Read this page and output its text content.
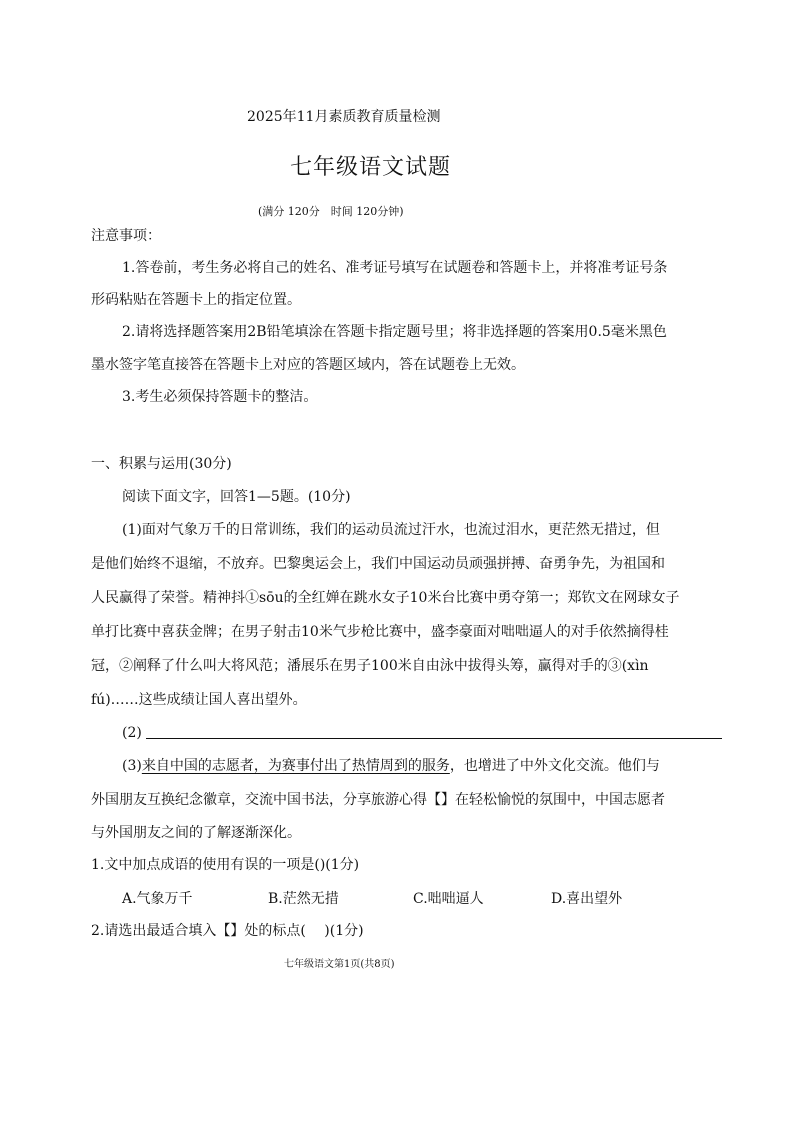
2025年11月素质教育质量检测
七年级语文试题
(满分 120分　时间 120分钟)
注意事项：
1.答卷前，考生务必将自己的姓名、准考证号填写在试题卷和答题卡上，并将准考证号条
形码粘贴在答题卡上的指定位置。
2.请将选择题答案用2B铅笔填涂在答题卡指定题号里；将非选择题的答案用0.5毫米黑色
墨水签字笔直接答在答题卡上对应的答题区域内，答在试题卷上无效。
3.考生必须保持答题卡的整洁。
一、积累与运用(30分)
阅读下面文字，回答1—5题。(10分)
(1)面对气象万千的日常训练，我们的运动员流过汗水，也流过泪水，更茫然无措过，但
是他们始终不退缩，不放弃。巴黎奥运会上，我们中国运动员顽强拼搏、奋勇争先，为祖国和
人民赢得了荣誉。精神抖①sōu的全红婵在跳水女子10米台比赛中勇夺第一；郑钦文在网球女子
单打比赛中喜获金牌；在男子射击10米气步枪比赛中，盛李豪面对咄咄逼人的对手依然摘得桂
冠，②阐释了什么叫大将风范；潘展乐在男子100米自由泳中拔得头筹，赢得对手的③(xìn
fú)……这些成绩让国人喜出望外。
(2)
(3)来自中国的志愿者，为赛事付出了热情周到的服务，也增进了中外文化交流。他们与
外国朋友互换纪念徽章，交流中国书法，分享旅游心得【】在轻松愉悦的氛围中，中国志愿者
与外国朋友之间的了解逐渐深化。
1.文中加点成语的使用有误的一项是()(1分)
A.气象万千	B.茫然无措	C.咄咄逼人	D.喜出望外
2.请选出最适合填入【】处的标点(　 )(1分)
七年级语文第1页(共8页)
